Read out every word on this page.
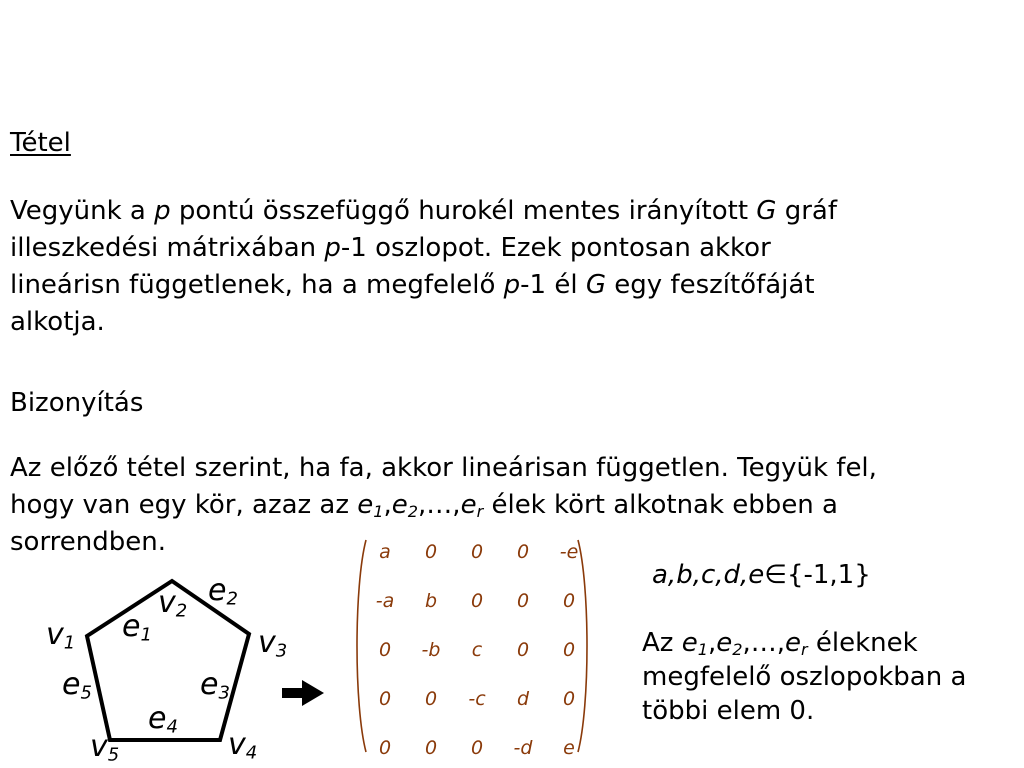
Tétel
Vegyünk a p pontú összefüggő hurokél mentes irányított G gráf
illeszkedési mátrixában p-1 oszlopot. Ezek pontosan akkor
lineárisn függetlenek, ha a megfelelő p-1 él G egy feszítőfáját
alkotja.
Bizonyítás
Az előző tétel szerint, ha fa, akkor lineárisan független. Tegyük fel,
hogy van egy kör, azaz az $e_1,e_2,\dots,e_r$ élek kört alkotnak ebben a
sorrendben.
$v_1$
$v_2$
$v_3$
$v_4$
$v_5$
$e_1$
$e_2$
$e_3$
$e_4$
$e_5$
a	0	0	0	-e
-a	b	0	0	0
0	-b	c	0	0
0	0	-c	d	0
0	0	0	-d	e
a,b,c,d,e∈{-1,1}
Az $e_1,e_2,\dots,e_r$ éleknek
megfelelő oszlopokban a
többi elem 0.
